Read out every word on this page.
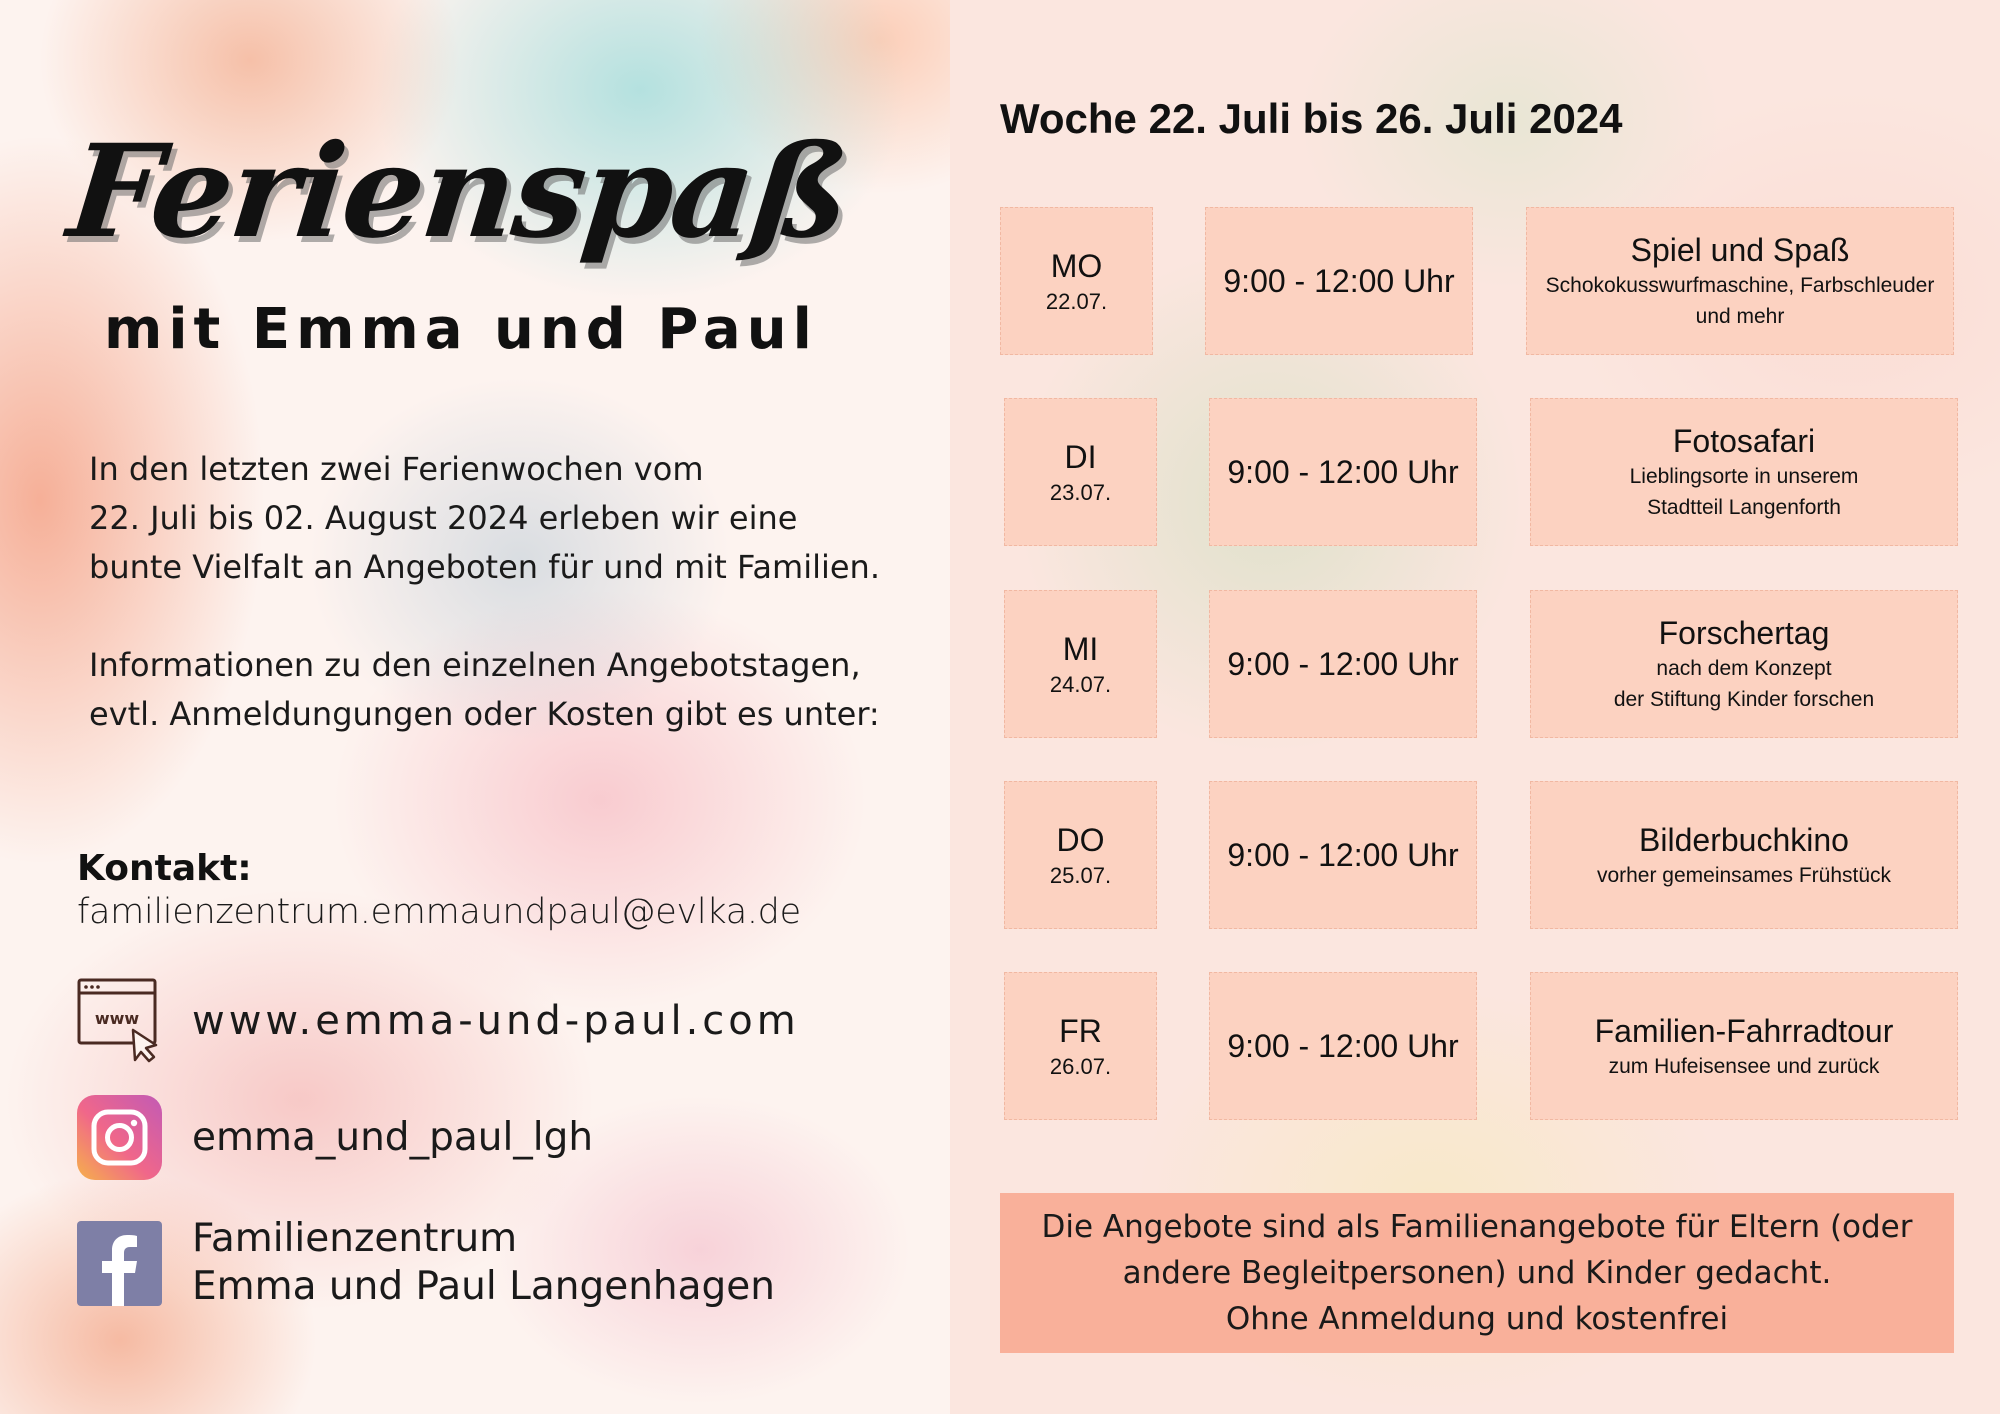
Ferienspaß
mit Emma und Paul

In den letzten zwei Ferienwochen vom
22. Juli bis 02. August 2024 erleben wir eine
bunte Vielfalt an Angeboten für und mit Familien.

Informationen zu den einzelnen Angebotstagen,
evtl. Anmeldungungen oder Kosten gibt es unter:

Kontakt:
familienzentrum.emmaundpaul@evlka.de
www www.emma-und-paul.com
emma_und_paul_lgh
Familienzentrum
Emma und Paul Langenhagen
Woche 22. Juli bis 26. Juli 2024
MO
22.07.
9:00 - 12:00 Uhr
Spiel und Spaß
Schokokusswurfmaschine, Farbschleuder
und mehr
DI
23.07.
9:00 - 12:00 Uhr
Fotosafari
Lieblingsorte in unserem
Stadtteil Langenforth
MI
24.07.
9:00 - 12:00 Uhr
Forschertag
nach dem Konzept
der Stiftung Kinder forschen
DO
25.07.
9:00 - 12:00 Uhr	Bilderbuchkino
vorher gemeinsames Frühstück
FR
26.07.
9:00 - 12:00 Uhr	Familien-Fahrradtour
zum Hufeisensee und zurück
Die Angebote sind als Familienangebote für Eltern (oder
andere Begleitpersonen) und Kinder gedacht.
Ohne Anmeldung und kostenfrei
